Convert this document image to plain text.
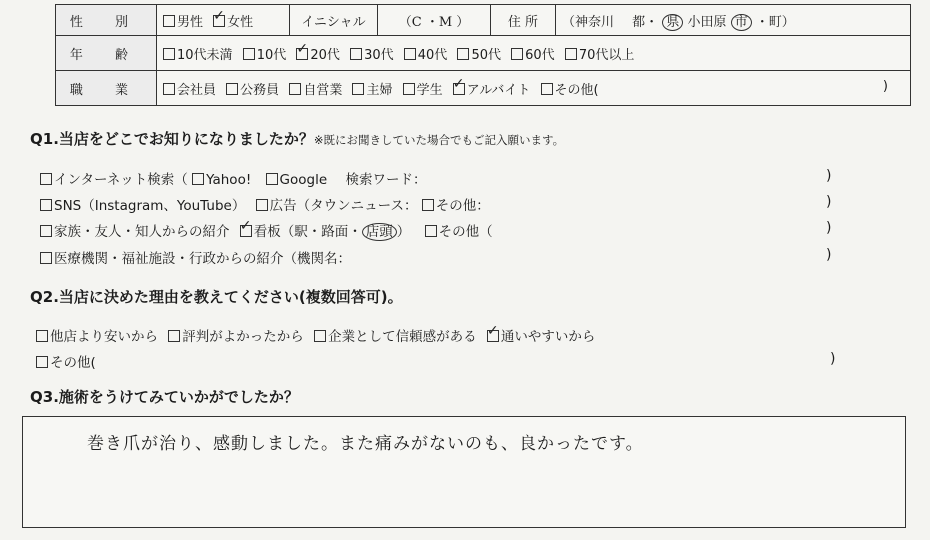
性 別	男性 ✓ 女性	イニシャル	（C ・M ）	住 所	（神奈川 都・ 県 小田原 市 ・町）
年 齢	10代未満 10代 ✓ 20代 30代 40代 50代 60代 70代以上
職 業	会社員 公務員 自営業 主婦 学生 ✓ アルバイト その他( )
Q1.当店をどこでお知りになりましたか？※既にお聞きしていた場合でもご記入願います。
インターネット検索（ Yahoo! Google 検索ワード：	)
SNS（Instagram、YouTube） 広告（タウンニュース： その他：	)
家族・友人・知人からの紹介 ✓ 看板（駅・路面・ 店頭 ） その他（	)
医療機関・福祉施設・行政からの紹介（機関名：	)
Q2.当店に決めた理由を教えてください(複数回答可)。
他店より安いから 評判がよかったから 企業として信頼感がある ✓ 通いやすいから
その他(	)
Q3.施術をうけてみていかがでしたか？
巻き爪が治り、感動しました。また痛みがないのも、良かったです。
